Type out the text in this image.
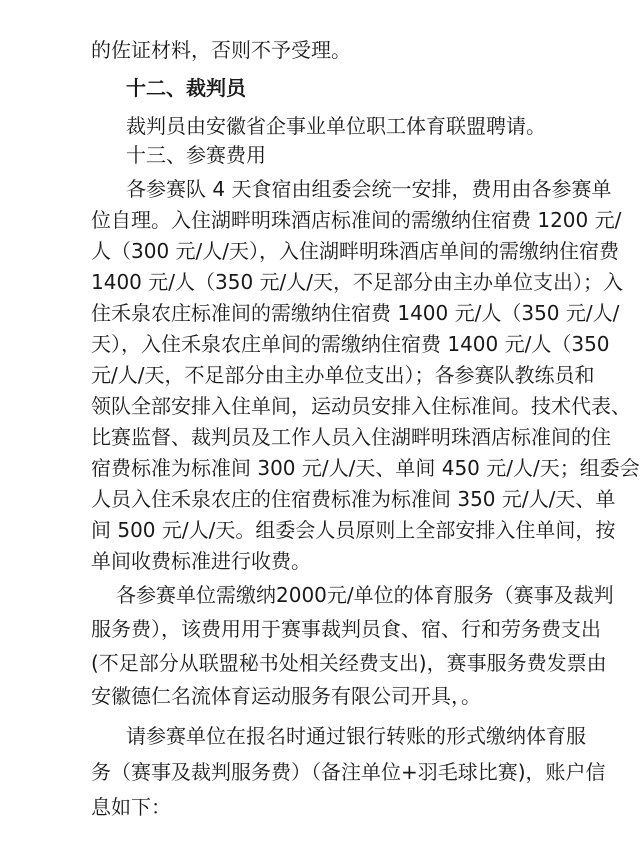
的佐证材料，否则不予受理。
十二、裁判员
裁判员由安徽省企事业单位职工体育联盟聘请。
十三、参赛费用
各参赛队 4 天食宿由组委会统一安排，费用由各参赛单
位自理。入住湖畔明珠酒店标准间的需缴纳住宿费 1200 元/
人（300 元/人/天），入住湖畔明珠酒店单间的需缴纳住宿费
1400 元/人（350 元/人/天，不足部分由主办单位支出）；入
住禾泉农庄标准间的需缴纳住宿费 1400 元/人（350 元/人/
天），入住禾泉农庄单间的需缴纳住宿费 1400 元/人（350
元/人/天，不足部分由主办单位支出）；各参赛队教练员和
领队全部安排入住单间，运动员安排入住标准间。技术代表、
比赛监督、裁判员及工作人员入住湖畔明珠酒店标准间的住
宿费标准为标准间 300 元/人/天、单间 450 元/人/天；组委会
人员入住禾泉农庄的住宿费标准为标准间 350 元/人/天、单
间 500 元/人/天。组委会人员原则上全部安排入住单间，按
单间收费标准进行收费。
各参赛单位需缴纳2000元/单位的体育服务（赛事及裁判
服务费），该费用用于赛事裁判员食、宿、行和劳务费支出
(不足部分从联盟秘书处相关经费支出)，赛事服务费发票由
安徽德仁名流体育运动服务有限公司开具，。
请参赛单位在报名时通过银行转账的形式缴纳体育服
务（赛事及裁判服务费）（备注单位+羽毛球比赛)，账户信
息如下：
